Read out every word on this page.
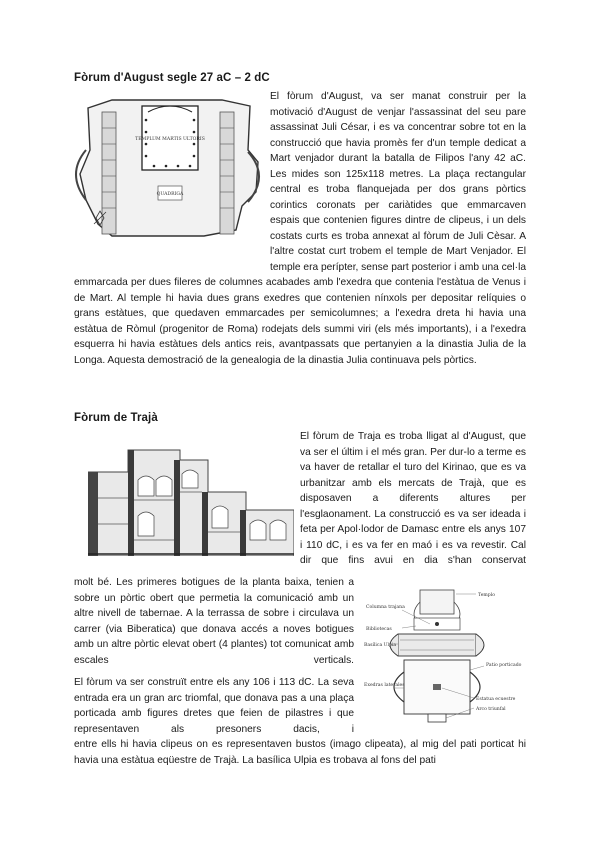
Fòrum d'August segle 27 aC – 2 dC
TEMPLUM MARTIS ULTORIS
QUADRIGA

El fòrum d'August, va ser manat construir per la motivació d'August de venjar l'assassinat del seu pare assassinat Juli César, i es va concentrar sobre tot en la construcció que havia promès fer d'un temple dedicat a Mart venjador durant la batalla de Filipos l'any 42 aC. Les mides son 125x118 metres. La plaça rectangular central es troba flanquejada per dos grans pòrtics corintics coronats per cariàtides que emmarcaven espais que contenien figures dintre de clipeus, i un dels costats curts es troba annexat al fòrum de Juli Cèsar. A l'altre costat curt trobem el temple de Mart Venjador. El temple era perípter, sense part posterior i amb una cel·la

emmarcada per dues fileres de columnes acabades amb l'exedra que contenia l'estàtua de Venus i de Mart. Al temple hi havia dues grans exedres que contenien nínxols per depositar relíquies o grans estàtues, que quedaven emmarcades per semicolumnes; a l'exedra dreta hi havia una estàtua de Ròmul (progenitor de Roma) rodejats dels summi viri (els més importants), i a l'exedra esquerra hi havia estàtues dels antics reis, avantpassats que pertanyien a la dinastia Julia de la Longa. Aquesta demostració de la genealogia de la dinastia Julia continuava pels pòrtics.

Fòrum de Trajà

El fòrum de Traja es troba lligat al d'August, que va ser el últim i el més gran. Per dur-lo a terme es va haver de retallar el turo del Kirinao, que es va urbanitzar amb els mercats de Trajà, que es disposaven a diferents altures per l'esglaonament. La construcció es va ser ideada i feta per Apol·lodor de Damasc entre els anys 107 i 110 dC, i es va fer en maó i es va revestir. Cal dir que fins avui en dia s'han conservat

molt bé. Les primeres botigues de la planta baixa, tenien a sobre un pòrtic obert que permetia la comunicació amb un altre nivell de tabernae. A la terrassa de sobre i circulava un carrer (via Biberatica) que donava accés a noves botigues amb un altre pòrtic elevat obert (4 plantes) tot comunicat amb escales verticals.

El fòrum va ser construït entre els any 106 i 113 dC. La seva entrada era un gran arc triomfal, que donava pas a una plaça porticada amb figures dretes que feien de pilastres i que representaven als presoners dacis, i

Templo
Columna trajana
Bibliotecas
Basílica Ulpia
Patio porticado
Exedras laterales
Estatua ecuestre
Arco triunfal

entre ells hi havia clipeus on es representaven bustos (imago clipeata), al mig del pati porticat hi havia una estàtua eqüestre de Trajà. La basílica Ulpia es trobava al fons del pati
